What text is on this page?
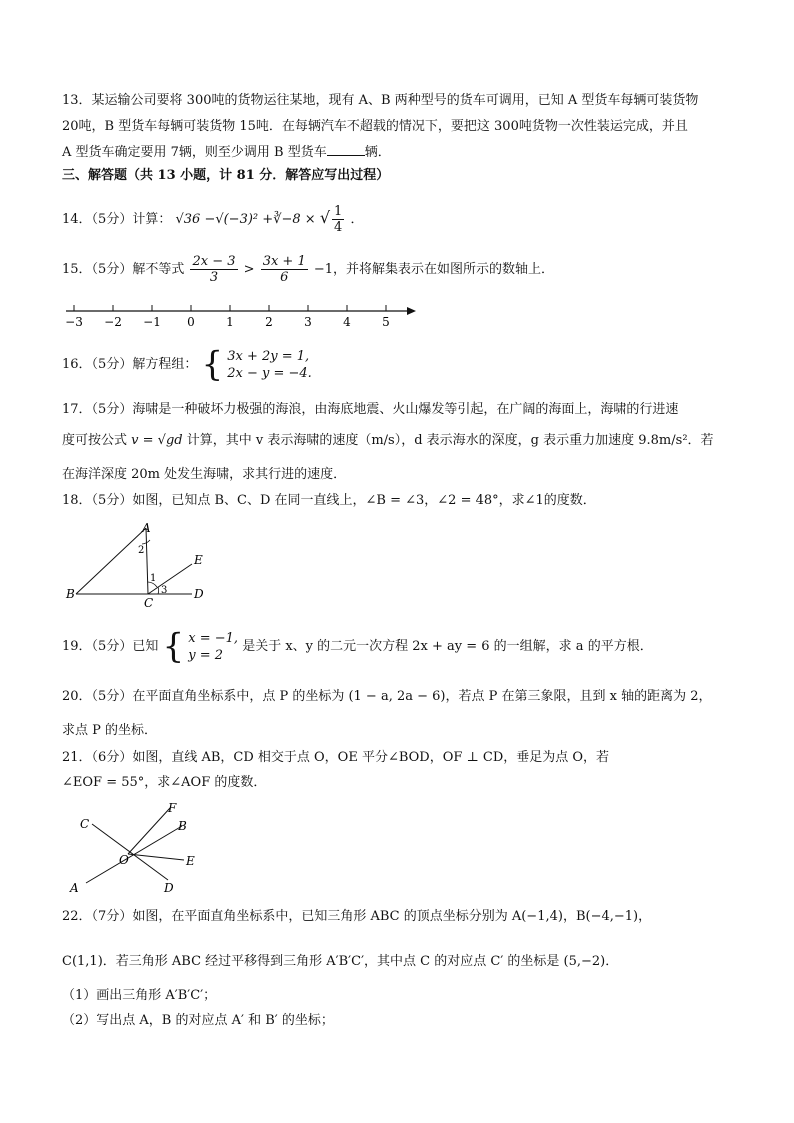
13．某运输公司要将 300吨的货物运往某地，现有 A、B 两种型号的货车可调用，已知 A 型货车每辆可装货物
20吨，B 型货车每辆可装货物 15吨．在每辆汽车不超载的情况下，要把这 300吨货物一次性装运完成，并且
A 型货车确定要用 7辆，则至少调用 B 型货车	辆．
三、解答题（共 13 小题，计 81 分．解答应写出过程）
14．（5分）计算： √36 −√(−3)² +∛−8 × √ $\frac{1}{4}$ ．
15．（5分）解不等式 $\frac{2x - 3}{3} > \frac{3x + 1}{6} -1$，并将解集表示在如图所示的数轴上．
−3 −2 −1 0	1	2	3	4	5
16．（5分）解方程组： { 3x + 2y = 1,
2x − y = −4.
17．（5分）海啸是一种破坏力极强的海浪，由海底地震、火山爆发等引起，在广阔的海面上，海啸的行进速
度可按公式 v = √gd 计算，其中 v 表示海啸的速度（m/s），d 表示海水的深度，g 表示重力加速度 9.8m/s²．若
在海洋深度 20m 处发生海啸，求其行进的速度．
18．（5分）如图，已知点 B、C、D 在同一直线上，∠B = ∠3，∠2 = 48°，求∠1的度数．
A
B
C
D
E
1
2
3
19．（5分）已知 { x = −1,
y = 2
是关于 x、y 的二元一次方程 2x + ay = 6 的一组解，求 a 的平方根．
20．（5分）在平面直角坐标系中，点 P 的坐标为 (1 − a, 2a − 6)，若点 P 在第三象限，且到 x 轴的距离为 2，
求点 P 的坐标．
21．（6分）如图，直线 AB，CD 相交于点 O，OE 平分∠BOD，OF ⊥ CD，垂足为点 O，若
∠EOF = 55°，求∠AOF 的度数．
C
F
B
E
O
A	D
22．（7分）如图，在平面直角坐标系中，已知三角形 ABC 的顶点坐标分别为 A(−1,4)，B(−4,−1)，
C(1,1)．若三角形 ABC 经过平移得到三角形 A′B′C′，其中点 C 的对应点 C′ 的坐标是 (5,−2)．
（1）画出三角形 A′B′C′；
（2）写出点 A，B 的对应点 A′ 和 B′ 的坐标；
